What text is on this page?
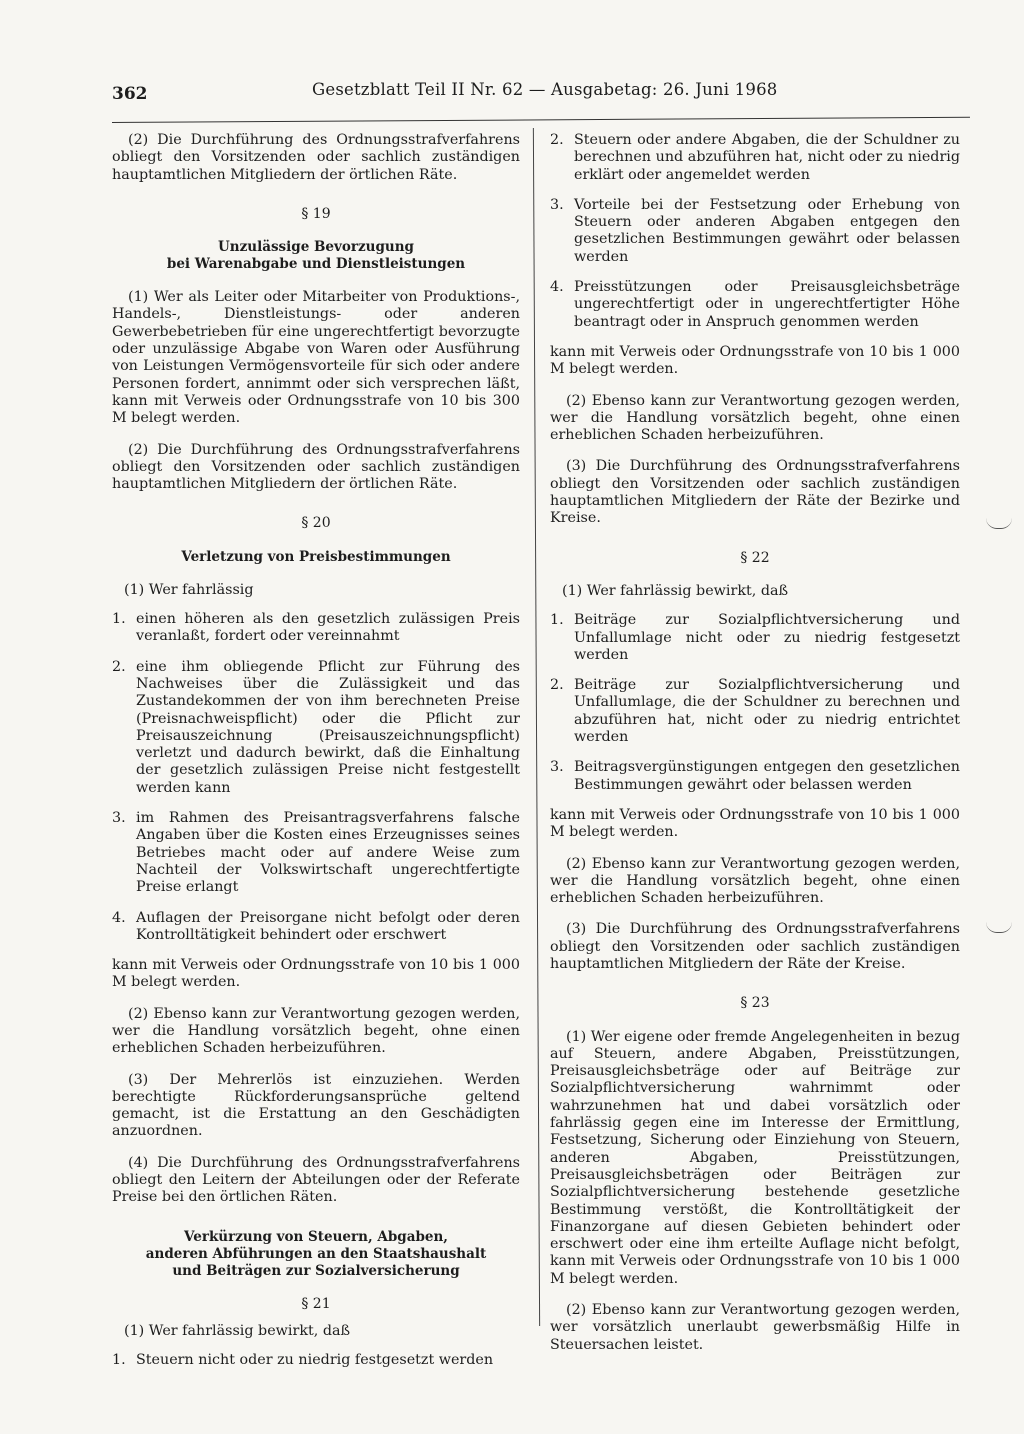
362	Gesetzblatt Teil II Nr. 62 — Ausgabetag: 26. Juni 1968

(2) Die Durchführung des Ordnungsstrafverfahrens obliegt den Vorsitzenden oder sachlich zuständigen hauptamtlichen Mitgliedern der örtlichen Räte.

§ 19
Unzulässige Bevorzugung
bei Warenabgabe und Dienstleistungen

(1) Wer als Leiter oder Mitarbeiter von Produktions-, Handels-, Dienstleistungs- oder anderen Gewerbebetrieben für eine ungerechtfertigt bevorzugte oder unzulässige Abgabe von Waren oder Ausführung von Leistungen Vermögensvorteile für sich oder andere Personen fordert, annimmt oder sich versprechen läßt, kann mit Verweis oder Ordnungsstrafe von 10 bis 300 M belegt werden.

(2) Die Durchführung des Ordnungsstrafverfahrens obliegt den Vorsitzenden oder sachlich zuständigen hauptamtlichen Mitgliedern der örtlichen Räte.

§ 20
Verletzung von Preisbestimmungen

(1) Wer fahrlässig

1. einen höheren als den gesetzlich zulässigen Preis veranlaßt, fordert oder vereinnahmt
2. eine ihm obliegende Pflicht zur Führung des Nachweises über die Zulässigkeit und das Zustandekommen der von ihm berechneten Preise (Preisnachweispflicht) oder die Pflicht zur Preisauszeichnung (Preisauszeichnungspflicht) verletzt und dadurch bewirkt, daß die Einhaltung der gesetzlich zulässigen Preise nicht festgestellt werden kann
3. im Rahmen des Preisantragsverfahrens falsche Angaben über die Kosten eines Erzeugnisses seines Betriebes macht oder auf andere Weise zum Nachteil der Volkswirtschaft ungerechtfertigte Preise erlangt
4. Auflagen der Preisorgane nicht befolgt oder deren Kontrolltätigkeit behindert oder erschwert

kann mit Verweis oder Ordnungsstrafe von 10 bis 1 000 M belegt werden.

(2) Ebenso kann zur Verantwortung gezogen werden, wer die Handlung vorsätzlich begeht, ohne einen erheblichen Schaden herbeizuführen.

(3) Der Mehrerlös ist einzuziehen. Werden berechtigte Rückforderungsansprüche geltend gemacht, ist die Erstattung an den Geschädigten anzuordnen.

(4) Die Durchführung des Ordnungsstrafverfahrens obliegt den Leitern der Abteilungen oder der Referate Preise bei den örtlichen Räten.

Verkürzung von Steuern, Abgaben,
anderen Abführungen an den Staatshaushalt
und Beiträgen zur Sozialversicherung
§ 21

(1) Wer fahrlässig bewirkt, daß

1. Steuern nicht oder zu niedrig festgesetzt werden
2. Steuern oder andere Abgaben, die der Schuldner zu berechnen und abzuführen hat, nicht oder zu niedrig erklärt oder angemeldet werden
3. Vorteile bei der Festsetzung oder Erhebung von Steuern oder anderen Abgaben entgegen den gesetzlichen Bestimmungen gewährt oder belassen werden
4. Preisstützungen oder Preisausgleichsbeträge ungerechtfertigt oder in ungerechtfertigter Höhe beantragt oder in Anspruch genommen werden

kann mit Verweis oder Ordnungsstrafe von 10 bis 1 000 M belegt werden.

(2) Ebenso kann zur Verantwortung gezogen werden, wer die Handlung vorsätzlich begeht, ohne einen erheblichen Schaden herbeizuführen.

(3) Die Durchführung des Ordnungsstrafverfahrens obliegt den Vorsitzenden oder sachlich zuständigen hauptamtlichen Mitgliedern der Räte der Bezirke und Kreise.

§ 22

(1) Wer fahrlässig bewirkt, daß

1. Beiträge zur Sozialpflichtversicherung und Unfallumlage nicht oder zu niedrig festgesetzt werden
2. Beiträge zur Sozialpflichtversicherung und Unfallumlage, die der Schuldner zu berechnen und abzuführen hat, nicht oder zu niedrig entrichtet werden
3. Beitragsvergünstigungen entgegen den gesetzlichen Bestimmungen gewährt oder belassen werden

kann mit Verweis oder Ordnungsstrafe von 10 bis 1 000 M belegt werden.

(2) Ebenso kann zur Verantwortung gezogen werden, wer die Handlung vorsätzlich begeht, ohne einen erheblichen Schaden herbeizuführen.

(3) Die Durchführung des Ordnungsstrafverfahrens obliegt den Vorsitzenden oder sachlich zuständigen hauptamtlichen Mitgliedern der Räte der Kreise.

§ 23

(1) Wer eigene oder fremde Angelegenheiten in bezug auf Steuern, andere Abgaben, Preisstützungen, Preisausgleichsbeträge oder auf Beiträge zur Sozialpflichtversicherung wahrnimmt oder wahrzunehmen hat und dabei vorsätzlich oder fahrlässig gegen eine im Interesse der Ermittlung, Festsetzung, Sicherung oder Einziehung von Steuern, anderen Abgaben, Preisstützungen, Preisausgleichsbeträgen oder Beiträgen zur Sozialpflichtversicherung bestehende gesetzliche Bestimmung verstößt, die Kontrolltätigkeit der Finanzorgane auf diesen Gebieten behindert oder erschwert oder eine ihm erteilte Auflage nicht befolgt, kann mit Verweis oder Ordnungsstrafe von 10 bis 1 000 M belegt werden.

(2) Ebenso kann zur Verantwortung gezogen werden, wer vorsätzlich unerlaubt gewerbsmäßig Hilfe in Steuersachen leistet.
